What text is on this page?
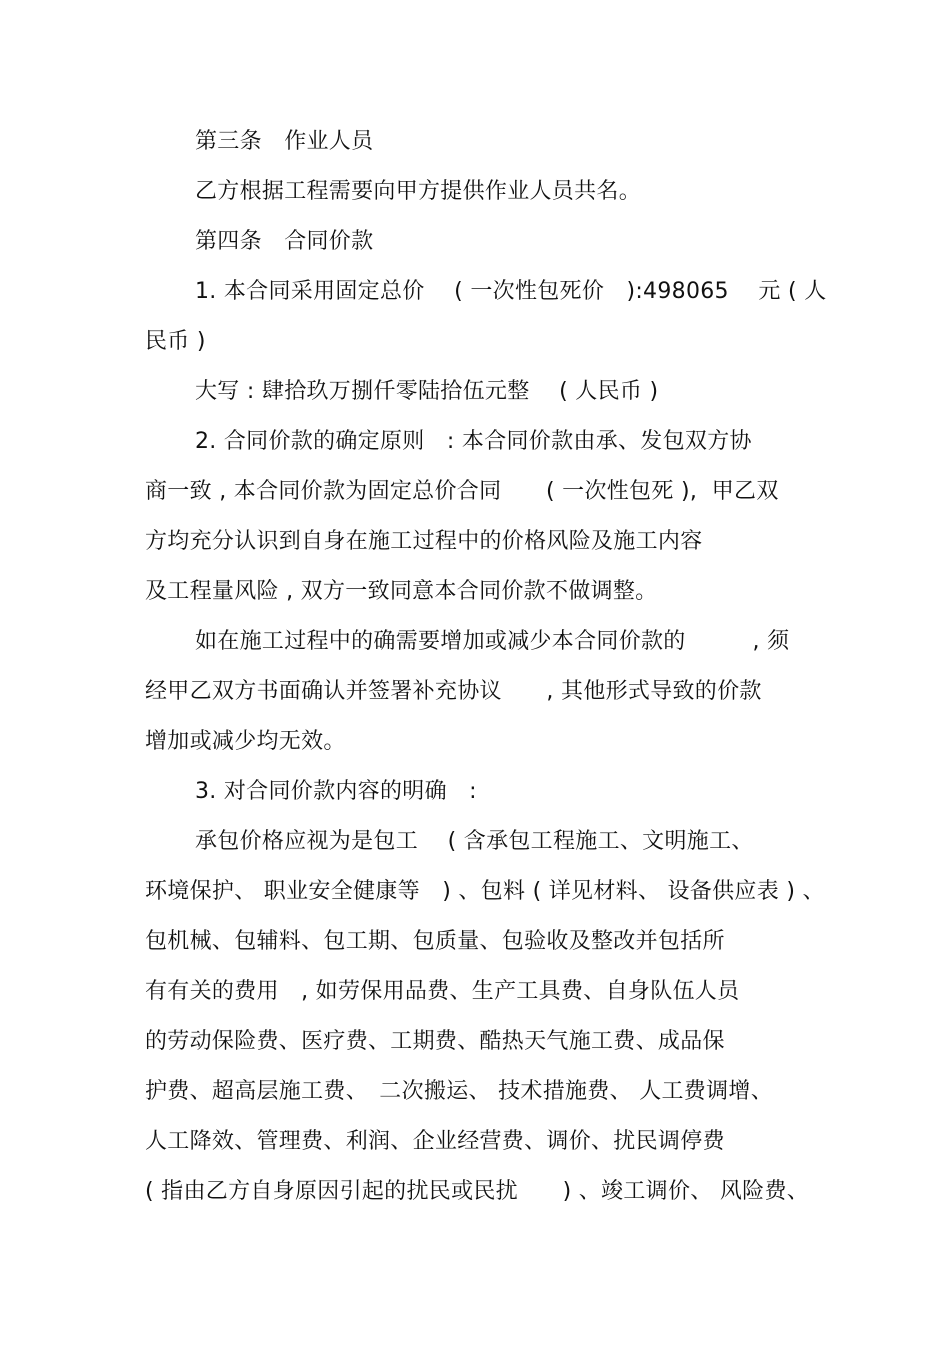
第三条　作业人员
乙方根据工程需要向甲方提供作业人员共名。
第四条　合同价款
1. 本合同采用固定总价　 ( 一次性包死价　):498065　 元 ( 人
民币 )
大写 : 肆拾玖万捌仟零陆拾伍元整　 ( 人民币 )
2. 合同价款的确定原则　: 本合同价款由承、发包双方协
商一致 , 本合同价款为固定总价合同　　( 一次性包死 ),  甲乙双
方均充分认识到自身在施工过程中的价格风险及施工内容
及工程量风险 , 双方一致同意本合同价款不做调整。
如在施工过程中的确需要增加或减少本合同价款的　　　, 须
经甲乙双方书面确认并签署补充协议　　, 其他形式导致的价款
增加或减少均无效。
3. 对合同价款内容的明确　:
承包价格应视为是包工　 ( 含承包工程施工、文明施工、
环境保护、 职业安全健康等　) 、包料 ( 详见材料、 设备供应表 ) 、
包机械、包辅料、包工期、包质量、包验收及整改并包括所
有有关的费用　, 如劳保用品费、生产工具费、自身队伍人员
的劳动保险费、医疗费、工期费、酷热天气施工费、成品保
护费、超高层施工费、　二次搬运、 技术措施费、 人工费调增、
人工降效、管理费、利润、企业经营费、调价、扰民调停费
( 指由乙方自身原因引起的扰民或民扰　　) 、竣工调价、 风险费、
